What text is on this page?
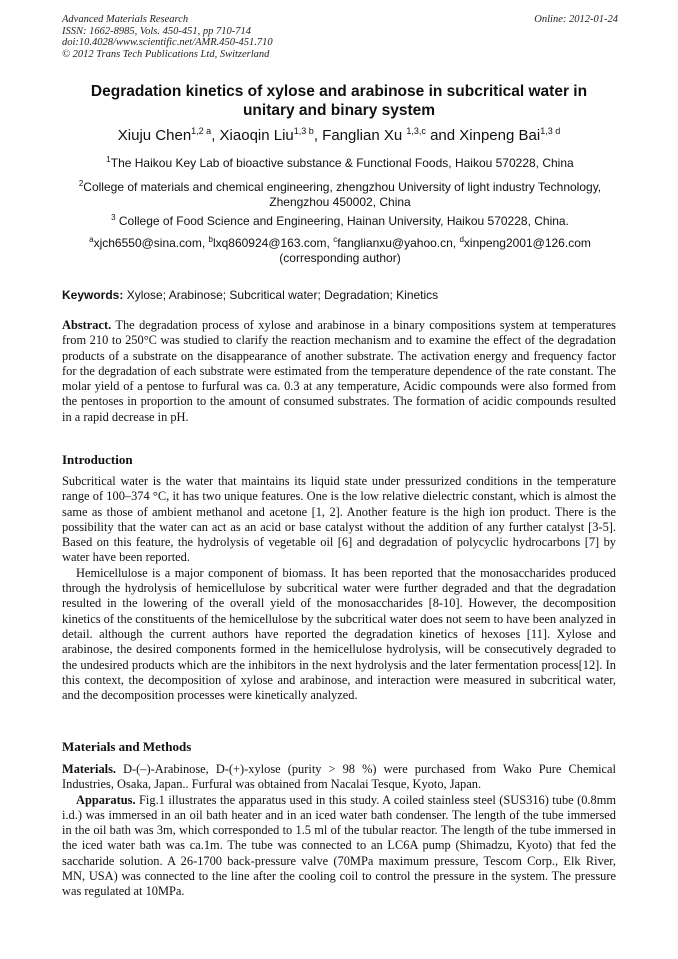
Advanced Materials Research
ISSN: 1662-8985, Vols. 450-451, pp 710-714
doi:10.4028/www.scientific.net/AMR.450-451.710
© 2012 Trans Tech Publications Ltd, Switzerland
Online: 2012-01-24
Degradation kinetics of xylose and arabinose in subcritical water in unitary and binary system
Xiuju Chen$^{1,2 a}$, Xiaoqin Liu$^{1,3 b}$, Fanglian Xu $^{1,3,c}$ and Xinpeng Bai$^{1,3 d}$
$^1$The Haikou Key Lab of bioactive substance & Functional Foods, Haikou 570228, China
$^2$College of materials and chemical engineering, zhengzhou University of light industry Technology, Zhengzhou 450002, China
$^3$ College of Food Science and Engineering, Hainan University, Haikou 570228, China.
$^a$xjch6550@sina.com, $^b$lxq860924@163.com, $^c$fanglianxu@yahoo.cn, $^d$xinpeng2001@126.com
(corresponding author)
Keywords: Xylose; Arabinose; Subcritical water; Degradation; Kinetics

Abstract. The degradation process of xylose and arabinose in a binary compositions system at temperatures from 210 to 250°C was studied to clarify the reaction mechanism and to examine the effect of the degradation products of a substrate on the disappearance of another substrate. The activation energy and frequency factor for the degradation of each substrate were estimated from the temperature dependence of the rate constant. The molar yield of a pentose to furfural was ca. 0.3 at any temperature, Acidic compounds were also formed from the pentoses in proportion to the amount of consumed substrates. The formation of acidic compounds resulted in a rapid decrease in pH.

Introduction

Subcritical water is the water that maintains its liquid state under pressurized conditions in the temperature range of 100–374 °C, it has two unique features. One is the low relative dielectric constant, which is almost the same as those of ambient methanol and acetone [1, 2]. Another feature is the high ion product. There is the possibility that the water can act as an acid or base catalyst without the addition of any further catalyst [3-5]. Based on this feature, the hydrolysis of vegetable oil [6] and degradation of polycyclic hydrocarbons [7] by water have been reported.

Hemicellulose is a major component of biomass. It has been reported that the monosaccharides produced through the hydrolysis of hemicellulose by subcritical water were further degraded and that the degradation resulted in the lowering of the overall yield of the monosaccharides [8-10]. However, the decomposition kinetics of the constituents of the hemicellulose by the subcritical water does not seem to have been analyzed in detail. although the current authors have reported the degradation kinetics of hexoses [11]. Xylose and arabinose, the desired components formed in the hemicellulose hydrolysis, will be consecutively degraded to the undesired products which are the inhibitors in the next hydrolysis and the later fermentation process[12]. In this context, the decomposition of xylose and arabinose, and interaction were measured in subcritical water, and the decomposition processes were kinetically analyzed.

Materials and Methods

Materials. D-(–)-Arabinose, D-(+)-xylose (purity > 98 %) were purchased from Wako Pure Chemical Industries, Osaka, Japan.. Furfural was obtained from Nacalai Tesque, Kyoto, Japan.

Apparatus. Fig.1 illustrates the apparatus used in this study. A coiled stainless steel (SUS316) tube (0.8mm i.d.) was immersed in an oil bath heater and in an iced water bath condenser. The length of the tube immersed in the oil bath was 3m, which corresponded to 1.5 ml of the tubular reactor. The length of the tube immersed in the iced water bath was ca.1m. The tube was connected to an LC6A pump (Shimadzu, Kyoto) that fed the saccharide solution. A 26-1700 back-pressure valve (70MPa maximum pressure, Tescom Corp., Elk River, MN, USA) was connected to the line after the cooling coil to control the pressure in the system. The pressure was regulated at 10MPa.
